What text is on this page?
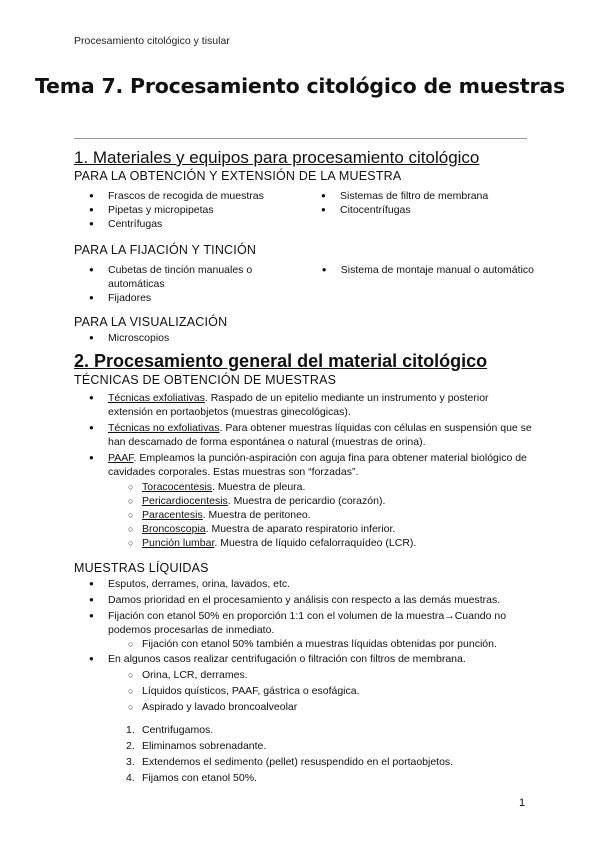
Procesamiento citológico y tisular
Tema 7. Procesamiento citológico de muestras
1. Materiales y equipos para procesamiento citológico
PARA LA OBTENCIÓN Y EXTENSIÓN DE LA MUESTRA
● Frascos de recogida de muestras
● Pipetas y micropipetas
● Centrífugas
● Sistemas de filtro de membrana
● Citocentrífugas
PARA LA FIJACIÓN Y TINCIÓN
● Cubetas de tinción manuales o automáticas
● Fijadores
● Sistema de montaje manual o automático
PARA LA VISUALIZACIÓN
● Microscopios
2. Procesamiento general del material citológico
TÉCNICAS DE OBTENCIÓN DE MUESTRAS
● Técnicas exfoliativas. Raspado de un epitelio mediante un instrumento y posterior extensión en portaobjetos (muestras ginecológicas).
● Técnicas no exfoliativas. Para obtener muestras líquidas con células en suspensión que se han descamado de forma espontánea o natural (muestras de orina).
● PAAF. Empleamos la punción-aspiración con aguja fina para obtener material biológico de cavidades corporales. Estas muestras son “forzadas”.
○ Toracocentesis. Muestra de pleura.
○ Pericardiocentesis. Muestra de pericardio (corazón).
○ Paracentesis. Muestra de peritoneo.
○ Broncoscopia. Muestra de aparato respiratorio inferior.
○ Punción lumbar. Muestra de líquido cefalorraquídeo (LCR).
MUESTRAS LÍQUIDAS
● Esputos, derrames, orina, lavados, etc.
● Damos prioridad en el procesamiento y análisis con respecto a las demás muestras.
● Fijación con etanol 50% en proporción 1:1 con el volumen de la muestra→Cuando no podemos procesarlas de inmediato.
○ Fijación con etanol 50% también a muestras líquidas obtenidas por punción.
● En algunos casos realizar centrifugación o filtración con filtros de membrana.
○ Orina, LCR, derrames.
○ Líquidos quísticos, PAAF, gástrica o esofágica.
○ Aspirado y lavado broncoalveolar
1. Centrifugamos.
2. Eliminamos sobrenadante.
3. Extendemos el sedimento (pellet) resuspendido en el portaobjetos.
4. Fijamos con etanol 50%.
1
